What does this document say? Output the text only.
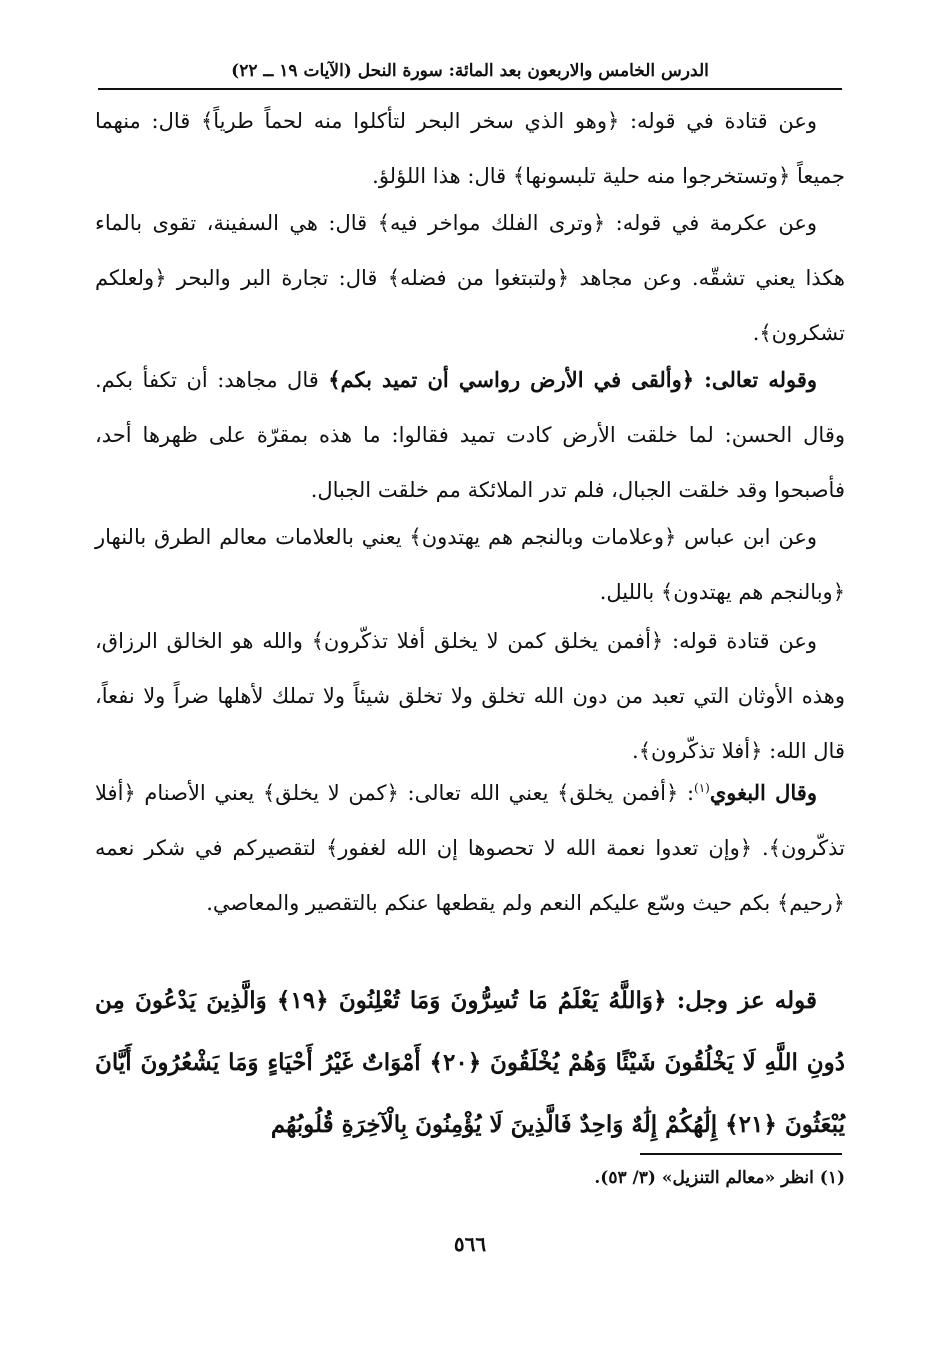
الدرس الخامس والاربعون بعد المائة: سورة النحل (الآيات ١٩ ــ ٢٢)

وعن قتادة في قوله: ﴿وهو الذي سخر البحر لتأكلوا منه لحماً طرياً﴾ قال: منهما جميعاً ﴿وتستخرجوا منه حلية تلبسونها﴾ قال: هذا اللؤلؤ.

وعن عكرمة في قوله: ﴿وترى الفلك مواخر فيه﴾ قال: هي السفينة، تقوى بالماء هكذا يعني تشقّه. وعن مجاهد ﴿ولتبتغوا من فضله﴾ قال: تجارة البر والبحر ﴿ولعلكم تشكرون﴾.

وقوله تعالى: ﴿وألقى في الأرض رواسي أن تميد بكم﴾ قال مجاهد: أن تكفأ بكم. وقال الحسن: لما خلقت الأرض كادت تميد فقالوا: ما هذه بمقرّة على ظهرها أحد، فأصبحوا وقد خلقت الجبال، فلم تدر الملائكة مم خلقت الجبال.

وعن ابن عباس ﴿وعلامات وبالنجم هم يهتدون﴾ يعني بالعلامات معالم الطرق بالنهار ﴿وبالنجم هم يهتدون﴾ بالليل.

وعن قتادة قوله: ﴿أفمن يخلق كمن لا يخلق أفلا تذكّرون﴾ والله هو الخالق الرزاق، وهذه الأوثان التي تعبد من دون الله تخلق ولا تخلق شيئاً ولا تملك لأهلها ضراً ولا نفعاً، قال الله: ﴿أفلا تذكّرون﴾.

وقال البغوي$^{(١)}$: ﴿أفمن يخلق﴾ يعني الله تعالى: ﴿كمن لا يخلق﴾ يعني الأصنام ﴿أفلا تذكّرون﴾. ﴿وإن تعدوا نعمة الله لا تحصوها إن الله لغفور﴾ لتقصيركم في شكر نعمه ﴿رحيم﴾ بكم حيث وسّع عليكم النعم ولم يقطعها عنكم بالتقصير والمعاصي.

قوله عز وجل: ﴿وَاللَّهُ يَعْلَمُ مَا تُسِرُّونَ وَمَا تُعْلِنُونَ ﴿١٩﴾ وَالَّذِينَ يَدْعُونَ مِن دُونِ اللَّهِ لَا يَخْلُقُونَ شَيْئًا وَهُمْ يُخْلَقُونَ ﴿٢٠﴾ أَمْوَاتٌ غَيْرُ أَحْيَاءٍ وَمَا يَشْعُرُونَ أَيَّانَ يُبْعَثُونَ ﴿٢١﴾ إِلَٰهُكُمْ إِلَٰهٌ وَاحِدٌ فَالَّذِينَ لَا يُؤْمِنُونَ بِالْآخِرَةِ قُلُوبُهُم

(١) انظر «معالم التنزيل» (٣/ ٥٣).
٥٦٦
